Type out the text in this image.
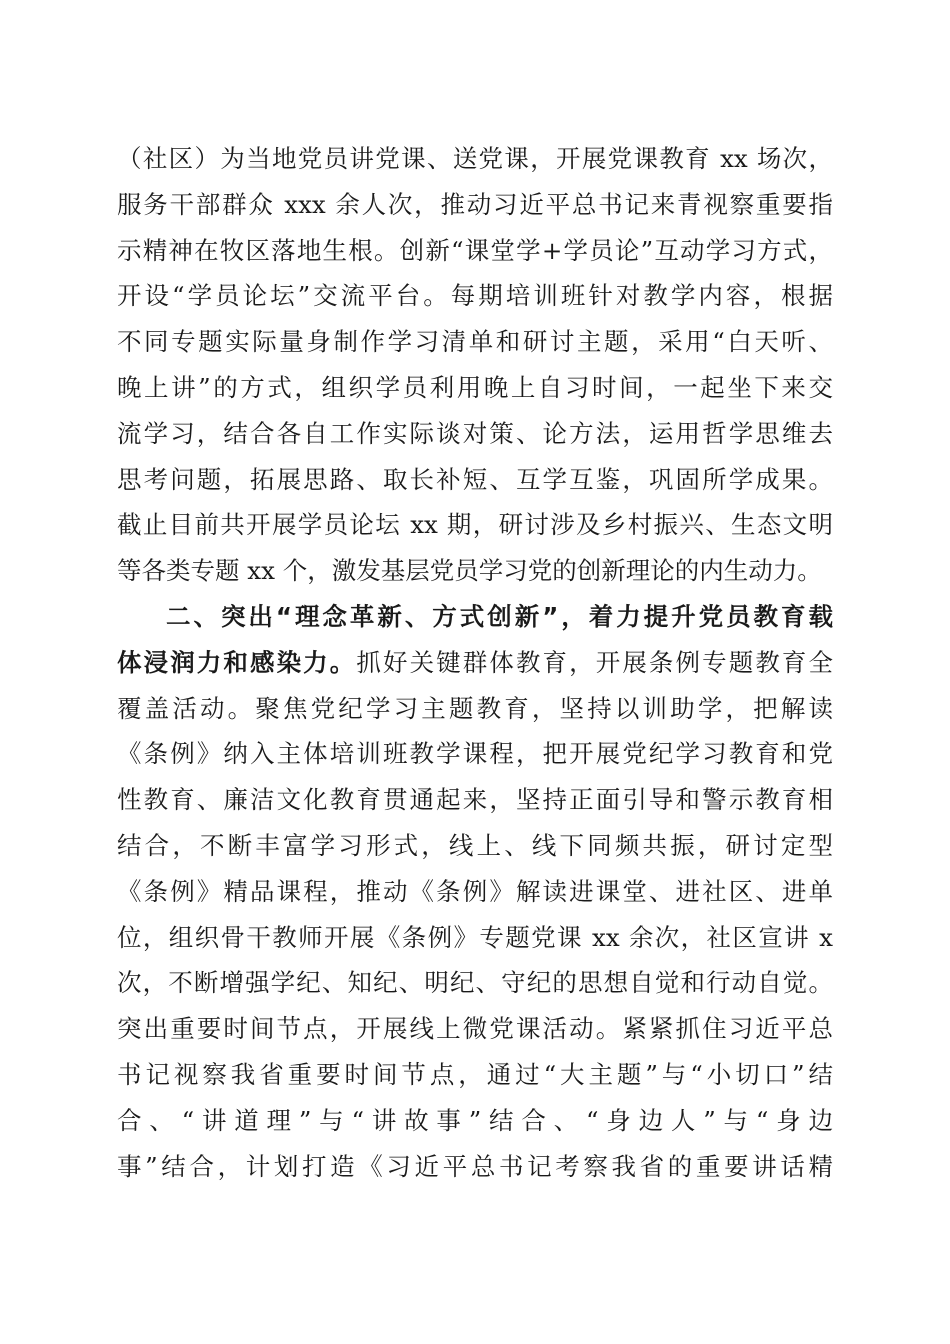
（社区）为当地党员讲党课、送党课，开展党课教育 xx 场次，
服务干部群众 xxx 余人次，推动习近平总书记来青视察重要指
示精神在牧区落地生根。创新“课堂学+学员论”互动学习方式，
开设“学员论坛”交流平台。每期培训班针对教学内容，根据
不同专题实际量身制作学习清单和研讨主题，采用“白天听、
晚上讲”的方式，组织学员利用晚上自习时间，一起坐下来交
流学习，结合各自工作实际谈对策、论方法，运用哲学思维去
思考问题，拓展思路、取长补短、互学互鉴，巩固所学成果。
截止目前共开展学员论坛 xx 期，研讨涉及乡村振兴、生态文明
等各类专题 xx 个，激发基层党员学习党的创新理论的内生动力。
二、突出“理念革新、方式创新”，着力提升党员教育载
体浸润力和感染力。抓好关键群体教育，开展条例专题教育全
覆盖活动。聚焦党纪学习主题教育，坚持以训助学，把解读
《条例》纳入主体培训班教学课程，把开展党纪学习教育和党
性教育、廉洁文化教育贯通起来，坚持正面引导和警示教育相
结合，不断丰富学习形式，线上、线下同频共振，研讨定型
《条例》精品课程，推动《条例》解读进课堂、进社区、进单
位，组织骨干教师开展《条例》专题党课 xx 余次，社区宣讲 x
次，不断增强学纪、知纪、明纪、守纪的思想自觉和行动自觉。
突出重要时间节点，开展线上微党课活动。紧紧抓住习近平总
书记视察我省重要时间节点，通过“大主题”与“小切口”结
合、“讲道理”与“讲故事”结合、“身边人”与“身边
事”结合，计划打造《习近平总书记考察我省的重要讲话精
